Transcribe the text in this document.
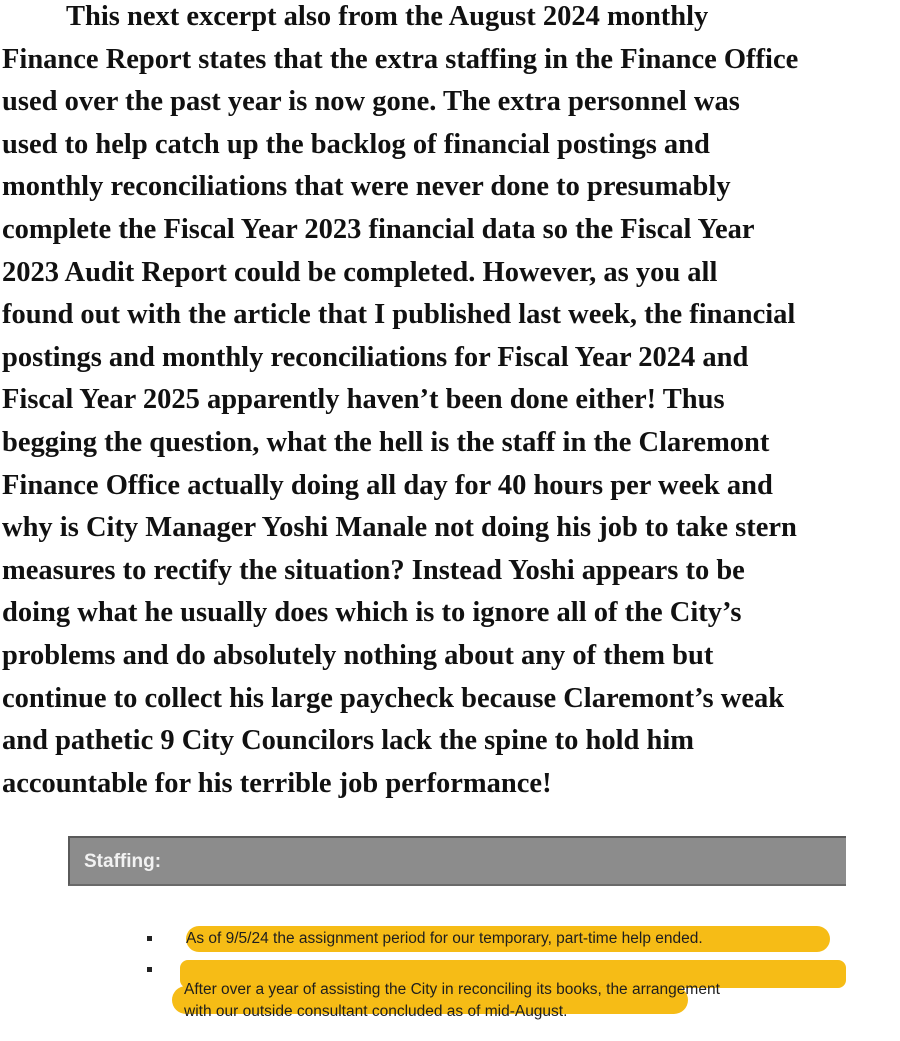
This next excerpt also from the August 2024 monthly
Finance Report states that the extra staffing in the Finance Office
used over the past year is now gone. The extra personnel was
used to help catch up the backlog of financial postings and
monthly reconciliations that were never done to presumably
complete the Fiscal Year 2023 financial data so the Fiscal Year
2023 Audit Report could be completed. However, as you all
found out with the article that I published last week, the financial
postings and monthly reconciliations for Fiscal Year 2024 and
Fiscal Year 2025 apparently haven’t been done either! Thus
begging the question, what the hell is the staff in the Claremont
Finance Office actually doing all day for 40 hours per week and
why is City Manager Yoshi Manale not doing his job to take stern
measures to rectify the situation? Instead Yoshi appears to be
doing what he usually does which is to ignore all of the City’s
problems and do absolutely nothing about any of them but
continue to collect his large paycheck because Claremont’s weak
and pathetic 9 City Councilors lack the spine to hold him
accountable for his terrible job performance!
Staffing:
As of 9/5/24 the assignment period for our temporary, part-time help ended.
After over a year of assisting the City in reconciling its books, the arrangement
with our outside consultant concluded as of mid-August.
